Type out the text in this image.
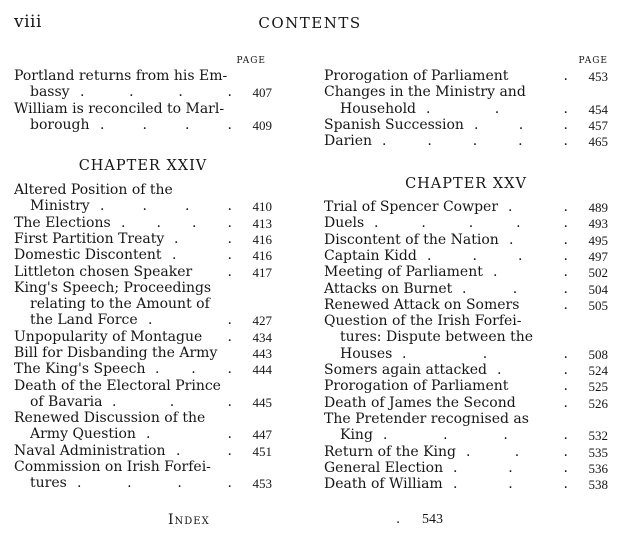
viii	CONTENTS
PAGE
Portland returns from his Em-
bassy .	.	.	. 407
William is reconciled to Marl-
borough .	.	.	. 409
CHAPTER XXIV
Altered Position of the
Ministry .	.	.	. 410
The Elections . . . . 413
First Partition Treaty .	. 416
Domestic Discontent .	. 416
Littleton chosen Speaker	. 417
King's Speech; Proceedings
relating to the Amount of
the Land Force .	. 427
Unpopularity of Montague . 434
Bill for Disbanding the Army	443
The King's Speech . . . 444
Death of the Electoral Prince
of Bavaria .	.	. 445
Renewed Discussion of the
Army Question .	. 447
Naval Administration .	. 451
Commission on Irish Forfei-
tures .	.	.	. 453
PAGE
Prorogation of Parliament	. 453
Changes in the Ministry and
Household .	.	. 454
Spanish Succession .	.	. 457
Darien .	.	.	.	. 465
CHAPTER XXV
Trial of Spencer Cowper .	. 489
Duels .	.	.	.	. 493
Discontent of the Nation .	. 495
Captain Kidd .	.	.	. 497
Meeting of Parliament .	. 502
Attacks on Burnet .	.	. 504
Renewed Attack on Somers	. 505
Question of the Irish Forfei-
tures: Dispute between the
Houses .	.	. 508
Somers again attacked .	. 524
Prorogation of Parliament	. 525
Death of James the Second	. 526
The Pretender recognised as
King .	.	.	. 532
Return of the King .	.	. 535
General Election .	.	. 536
Death of William .	.	. 538
Index	. 543
